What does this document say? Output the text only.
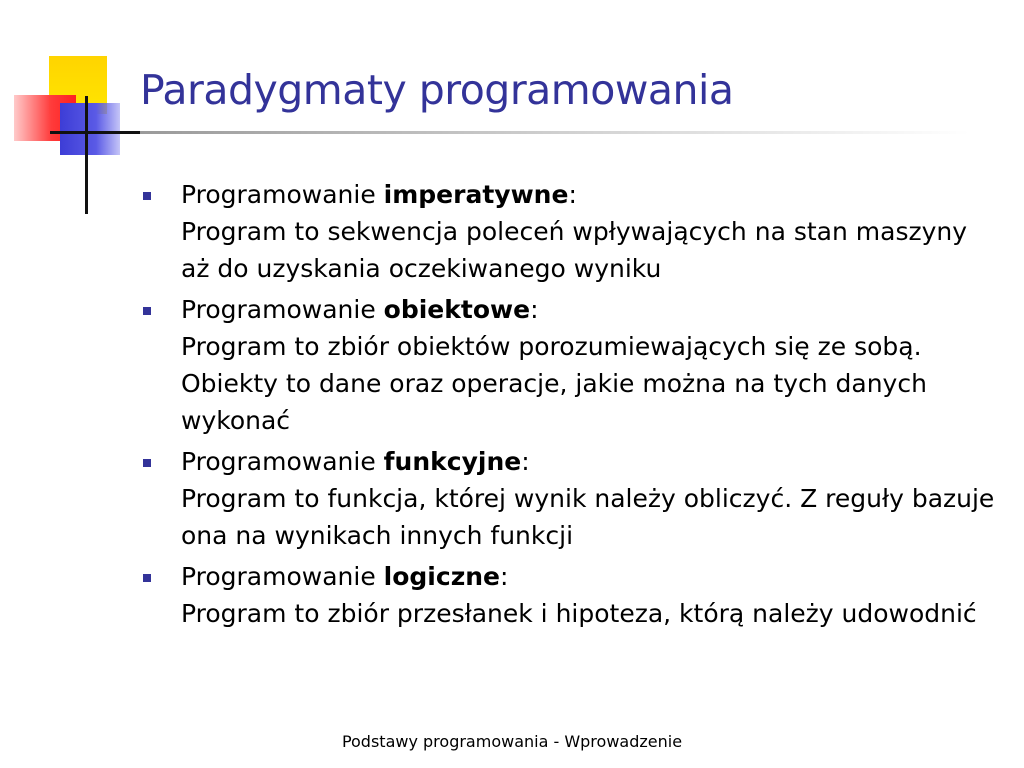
Paradygmaty programowania
Programowanie imperatywne:
Program to sekwencja poleceń wpływających na stan maszyny aż do uzyskania oczekiwanego wyniku
Programowanie obiektowe:
Program to zbiór obiektów porozumiewających się ze sobą. Obiekty to dane oraz operacje, jakie można na tych danych wykonać
Programowanie funkcyjne:
Program to funkcja, której wynik należy obliczyć. Z reguły bazuje ona na wynikach innych funkcji
Programowanie logiczne:
Program to zbiór przesłanek i hipoteza, którą należy udowodnić
Podstawy programowania - Wprowadzenie
